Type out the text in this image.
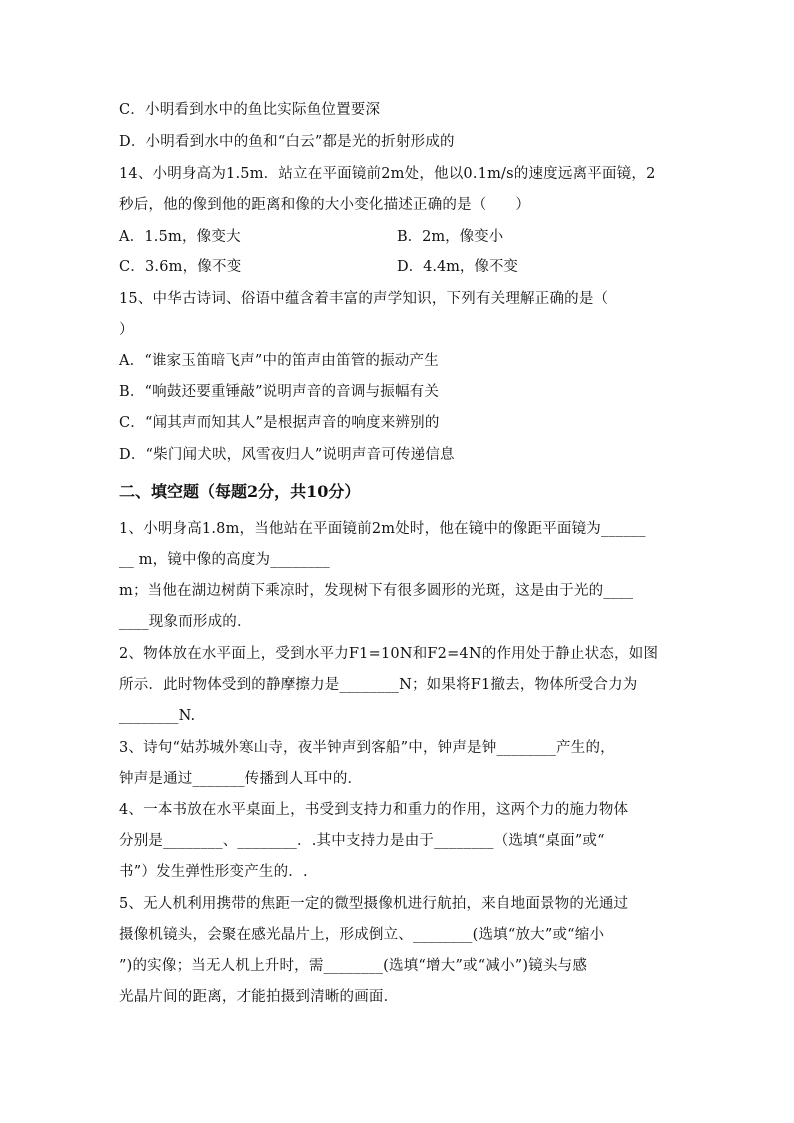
C．小明看到水中的鱼比实际鱼位置要深
D．小明看到水中的鱼和“白云”都是光的折射形成的
14、小明身高为1.5m．站立在平面镜前2m处，他以0.1m/s的速度远离平面镜，2
秒后，他的像到他的距离和像的大小变化描述正确的是（      ）
A．1.5m，像变大	B．2m，像变小
C．3.6m，像不变	D．4.4m，像不变
15、中华古诗词、俗语中蕴含着丰富的声学知识，下列有关理解正确的是（
）
A．“谁家玉笛暗飞声”中的笛声由笛管的振动产生
B．“响鼓还要重锤敲”说明声音的音调与振幅有关
C．“闻其声而知其人”是根据声音的响度来辨别的
D．“柴门闻犬吠，风雪夜归人”说明声音可传递信息
二、填空题（每题2分，共10分）
1、小明身高1.8m，当他站在平面镜前2m处时，他在镜中的像距平面镜为______
__ m，镜中像的高度为________
m；当他在湖边树荫下乘凉时，发现树下有很多圆形的光斑，这是由于光的____
____现象而形成的．
2、物体放在水平面上，受到水平力F1=10N和F2=4N的作用处于静止状态，如图
所示．此时物体受到的静摩擦力是________N；如果将F1撤去，物体所受合力为
________N.
3、诗句“姑苏城外寒山寺，夜半钟声到客船”中，钟声是钟________产生的，
钟声是通过_______传播到人耳中的．
4、一本书放在水平桌面上，书受到支持力和重力的作用，这两个力的施力物体
分别是________、________．.其中支持力是由于________（选填“桌面”或“
书”）发生弹性形变产生的．.
5、无人机利用携带的焦距一定的微型摄像机进行航拍，来自地面景物的光通过
摄像机镜头，会聚在感光晶片上，形成倒立、________(选填“放大”或“缩小
”)的实像；当无人机上升时，需________(选填“增大”或“减小”)镜头与感
光晶片间的距离，才能拍摄到清晰的画面．
